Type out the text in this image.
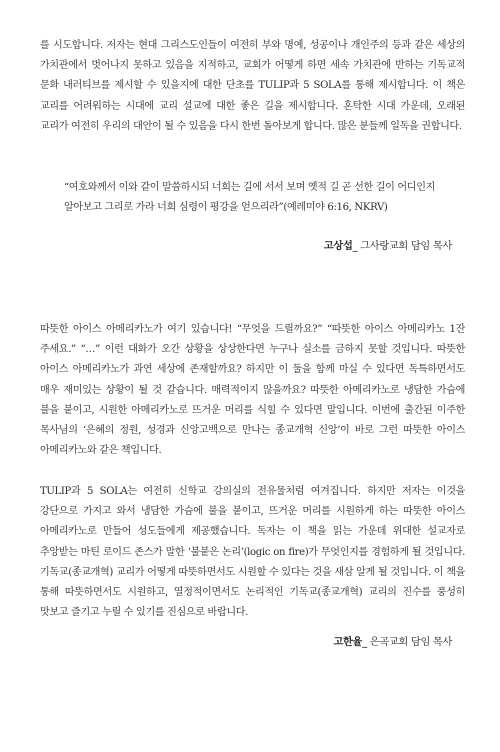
를 시도합니다. 저자는 현대 그리스도인들이 여전히 부와 명예, 성공이나 개인주의 등과 같은 세상의 가치관에서 벗어나지 못하고 있음을 지적하고, 교회가 어떻게 하면 세속 가치관에 반하는 기독교적 문화 내러티브를 제시할 수 있을지에 대한 단초를 TULIP과 5 SOLA를 통해 제시합니다. 이 책은 교리를 어려워하는 시대에 교리 설교에 대한 좋은 길을 제시합니다. 혼탁한 시대 가운데, 오래된 교리가 여전히 우리의 대안이 될 수 있음을 다시 한번 돌아보게 합니다. 많은 분들께 일독을 권합니다.

“여호와께서 이와 같이 말씀하시되 너희는 길에 서서 보며 옛적 길 곧 선한 길이 어디인지 알아보고 그리로 가라 너희 심령이 평강을 얻으리라”(예레미야 6:16, NKRV)

고상섭_ 그사랑교회 담임 목사

따뜻한 아이스 아메리카노가 여기 있습니다! “무엇을 드릴까요?” “따뜻한 아이스 아메리카노 1잔 주세요.” “…” 이런 대화가 오간 상황을 상상한다면 누구나 실소를 금하지 못할 것입니다. 따뜻한 아이스 아메리카노가 과연 세상에 존재할까요? 하지만 이 둘을 함께 마실 수 있다면 독특하면서도 매우 재미있는 상황이 될 것 같습니다. 매력적이지 않을까요? 따뜻한 아메리카노로 냉담한 가슴에 불을 붙이고, 시원한 아메리카노로 뜨거운 머리를 식힐 수 있다면 말입니다. 이번에 출간된 이주한 목사님의 ‘은혜의 정원, 성경과 신앙고백으로 만나는 종교개혁 신앙’이 바로 그런 따뜻한 아이스 아메리카노와 같은 책입니다.

TULIP과 5 SOLA는 여전히 신학교 강의실의 전유물처럼 여겨집니다. 하지만 저자는 이것을 강단으로 가지고 와서 냉담한 가슴에 불을 붙이고, 뜨거운 머리를 시원하게 하는 따뜻한 아이스 아메리카노로 만들어 성도들에게 제공했습니다. 독자는 이 책을 읽는 가운데 위대한 설교자로 추앙받는 마틴 로이드 존스가 말한 ‘불붙은 논리’(logic on fire)가 무엇인지를 경험하게 될 것입니다. 기독교(종교개혁) 교리가 어떻게 따뜻하면서도 시원할 수 있다는 것을 새삼 알게 될 것입니다. 이 책을 통해 따뜻하면서도 시원하고, 열정적이면서도 논리적인 기독교(종교개혁) 교리의 진수를 풍성히 맛보고 즐기고 누릴 수 있기를 진심으로 바랍니다.

고한율_ 은곡교회 담임 목사
